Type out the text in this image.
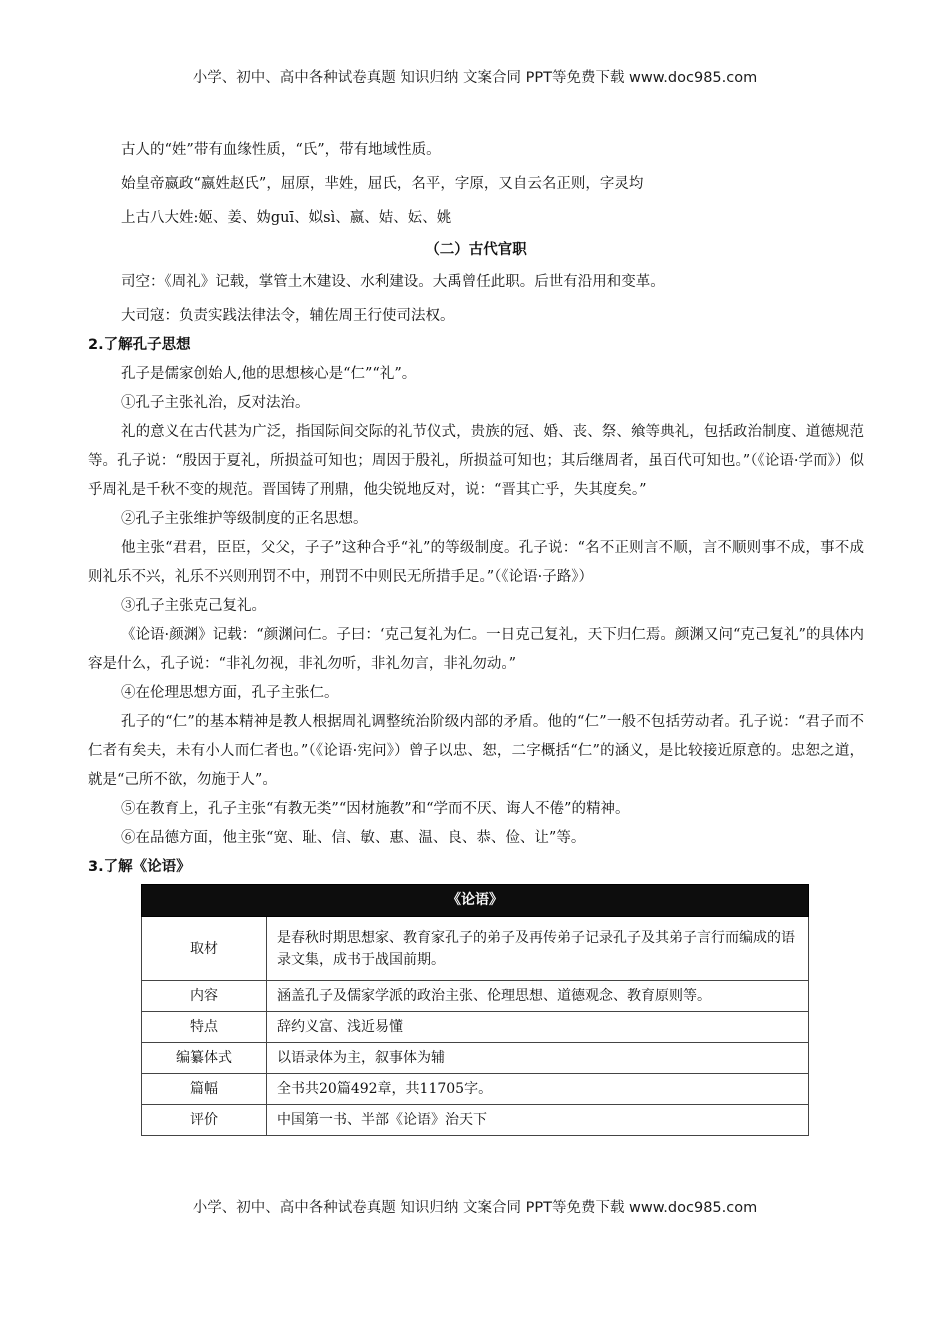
小学、初中、高中各种试卷真题 知识归纳 文案合同 PPT等免费下载 www.doc985.com

古人的“姓”带有血缘性质，“氏”，带有地域性质。

始皇帝嬴政“嬴姓赵氏”，屈原，芈姓，屈氏，名平，字原，又自云名正则，字灵均

上古八大姓:姬、姜、妫guī、姒sì、嬴、姞、妘、姚

（二）古代官职

司空：《周礼》记载，掌管土木建设、水利建设。大禹曾任此职。后世有沿用和变革。

大司寇：负责实践法律法令，辅佐周王行使司法权。

2.了解孔子思想

孔子是儒家创始人,他的思想核心是“仁”“礼”。

①孔子主张礼治，反对法治。

礼的意义在古代甚为广泛，指国际间交际的礼节仪式，贵族的冠、婚、丧、祭、飨等典礼，包括政治制度、道德规范等。孔子说：“殷因于夏礼，所损益可知也；周因于殷礼，所损益可知也；其后继周者，虽百代可知也。”（《论语·学而》）似乎周礼是千秋不变的规范。晋国铸了刑鼎，他尖锐地反对，说：“晋其亡乎，失其度矣。”

②孔子主张维护等级制度的正名思想。

他主张“君君，臣臣，父父，子子”这种合乎“礼”的等级制度。孔子说：“名不正则言不顺，言不顺则事不成，事不成则礼乐不兴，礼乐不兴则刑罚不中，刑罚不中则民无所措手足。”（《论语·子路》）

③孔子主张克己复礼。

《论语·颜渊》记载：“颜渊问仁。子曰：‘克己复礼为仁。一日克己复礼，天下归仁焉。颜渊又问“克己复礼”的具体内容是什么，孔子说：“非礼勿视，非礼勿听，非礼勿言，非礼勿动。”

④在伦理思想方面，孔子主张仁。

孔子的“仁”的基本精神是教人根据周礼调整统治阶级内部的矛盾。他的“仁”一般不包括劳动者。孔子说：“君子而不仁者有矣夫，未有小人而仁者也。”（《论语·宪问》）曾子以忠、恕，二字概括“仁”的涵义，是比较接近原意的。忠恕之道，就是“己所不欲，勿施于人”。

⑤在教育上，孔子主张“有教无类”“因材施教”和“学而不厌、诲人不倦”的精神。

⑥在品德方面，他主张“宽、耻、信、敏、惠、温、良、恭、俭、让”等。

3.了解《论语》

《论语》	
取材	是春秋时期思想家、教育家孔子的弟子及再传弟子记录孔子及其弟子言行而编成的语录文集，成书于战国前期。
内容	涵盖孔子及儒家学派的政治主张、伦理思想、道德观念、教育原则等。
特点	辞约义富、浅近易懂
编纂体式	以语录体为主，叙事体为辅
篇幅	全书共20篇492章，共11705字。
评价	中国第一书、半部《论语》治天下
小学、初中、高中各种试卷真题 知识归纳 文案合同 PPT等免费下载 www.doc985.com
